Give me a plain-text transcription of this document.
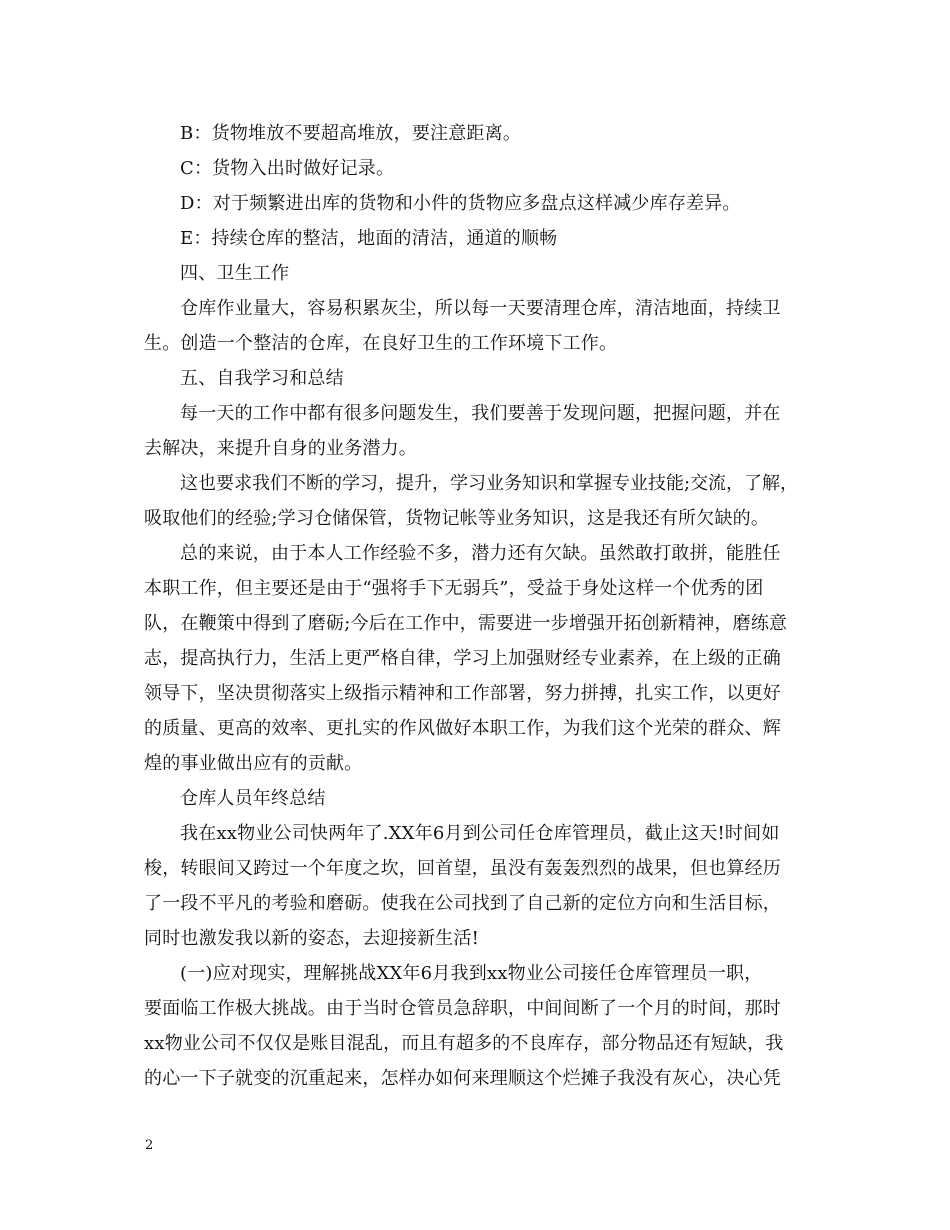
B：货物堆放不要超高堆放，要注意距离。
C：货物入出时做好记录。
D：对于频繁进出库的货物和小件的货物应多盘点这样减少库存差异。
E：持续仓库的整洁，地面的清洁，通道的顺畅
四、卫生工作
仓库作业量大，容易积累灰尘，所以每一天要清理仓库，清洁地面，持续卫
生。创造一个整洁的仓库，在良好卫生的工作环境下工作。
五、自我学习和总结
每一天的工作中都有很多问题发生，我们要善于发现问题，把握问题，并在
去解决，来提升自身的业务潜力。
这也要求我们不断的学习，提升，学习业务知识和掌握专业技能;交流，了解，
吸取他们的经验;学习仓储保管，货物记帐等业务知识，这是我还有所欠缺的。
总的来说，由于本人工作经验不多，潜力还有欠缺。虽然敢打敢拼，能胜任
本职工作，但主要还是由于“强将手下无弱兵”，受益于身处这样一个优秀的团
队，在鞭策中得到了磨砺;今后在工作中，需要进一步增强开拓创新精神，磨练意
志，提高执行力，生活上更严格自律，学习上加强财经专业素养，在上级的正确
领导下，坚决贯彻落实上级指示精神和工作部署，努力拼搏，扎实工作，以更好
的质量、更高的效率、更扎实的作风做好本职工作，为我们这个光荣的群众、辉
煌的事业做出应有的贡献。
仓库人员年终总结
我在xx物业公司快两年了.XX年6月到公司任仓库管理员，截止这天!时间如
梭，转眼间又跨过一个年度之坎，回首望，虽没有轰轰烈烈的战果，但也算经历
了一段不平凡的考验和磨砺。使我在公司找到了自己新的定位方向和生活目标，
同时也激发我以新的姿态，去迎接新生活!
(一)应对现实，理解挑战XX年6月我到xx物业公司接任仓库管理员一职，
要面临工作极大挑战。由于当时仓管员急辞职，中间间断了一个月的时间，那时
xx物业公司不仅仅是账目混乱，而且有超多的不良库存，部分物品还有短缺，我
的心一下子就变的沉重起来，怎样办如何来理顺这个烂摊子我没有灰心，决心凭
2
